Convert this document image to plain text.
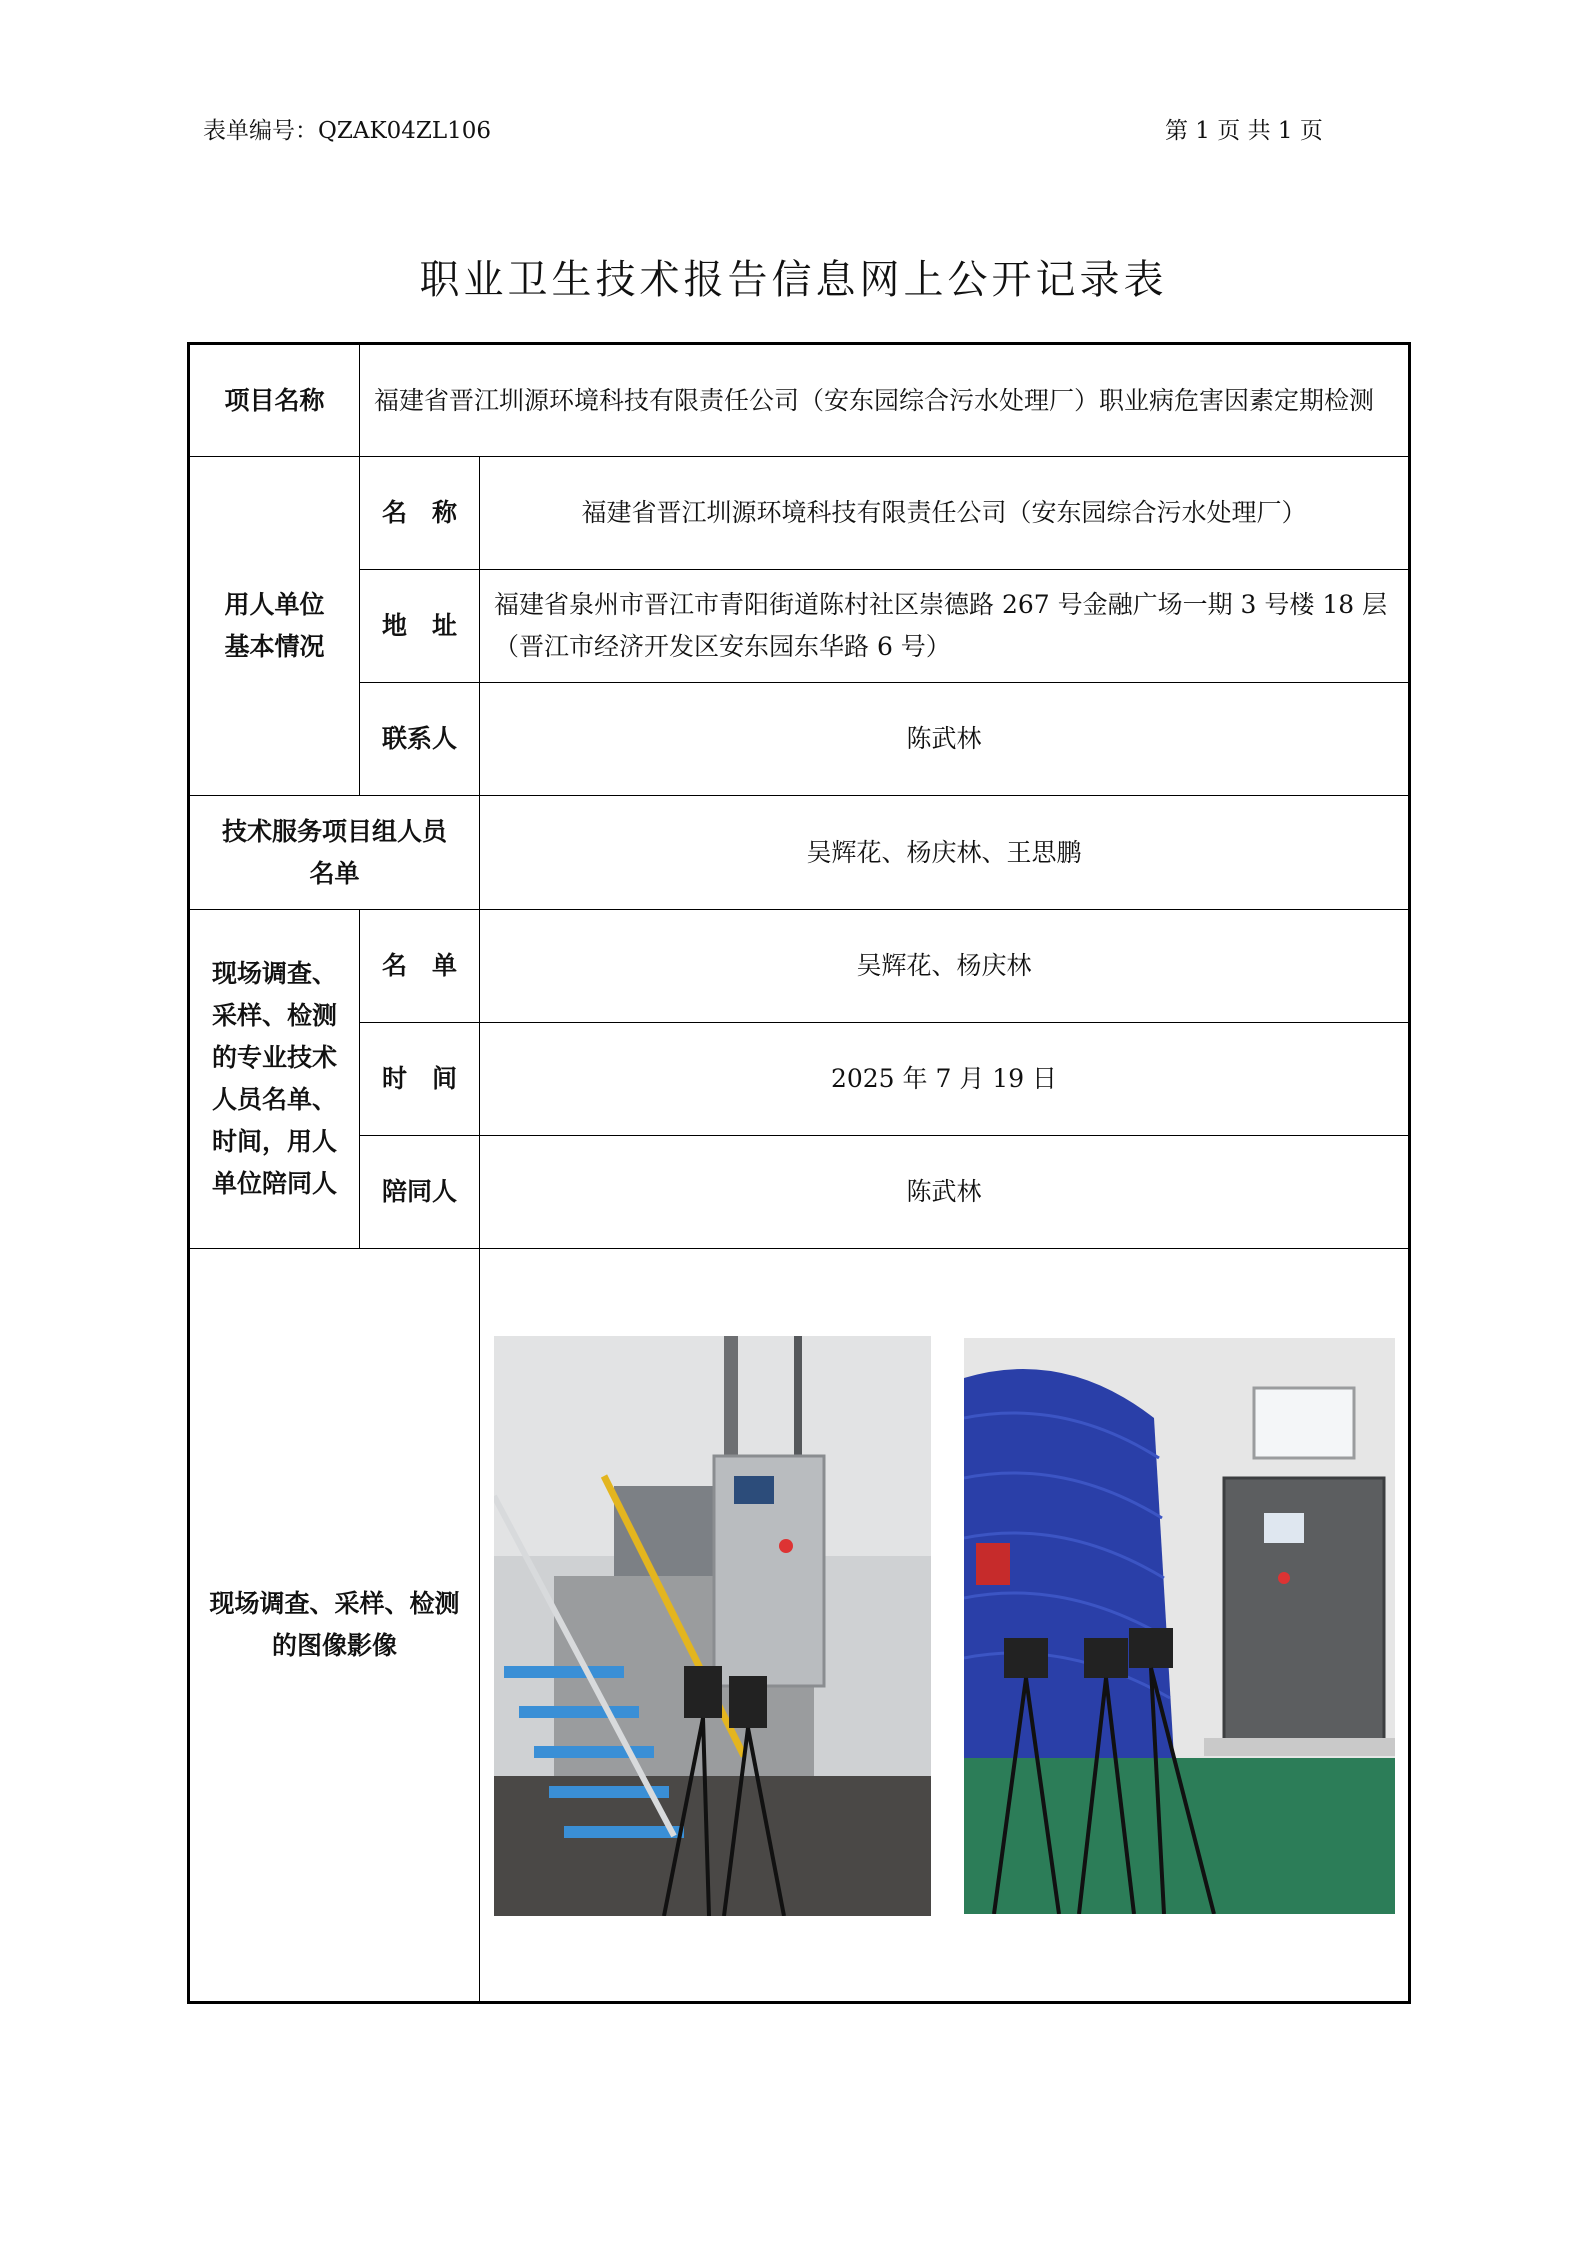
表单编号：QZAK04ZL106	第 1 页 共 1 页
职业卫生技术报告信息网上公开记录表
项目名称	福建省晋江圳源环境科技有限责任公司（安东园综合污水处理厂）职业病危害因素定期检测	
用人单位
基本情况	名　称	福建省晋江圳源环境科技有限责任公司（安东园综合污水处理厂）
	地　址	福建省泉州市晋江市青阳街道陈村社区崇德路 267 号金融广场一期 3 号楼 18 层（晋江市经济开发区安东园东华路 6 号）
	联系人	陈武林
技术服务项目组人员名单		吴辉花、杨庆林、王思鹏
现场调查、采样、检测的专业技术人员名单、时间，用人单位陪同人	名　单	吴辉花、杨庆林
	时　间	2025 年 7 月 19 日
	陪同人	陈武林
现场调查、采样、检测的图像影像	
